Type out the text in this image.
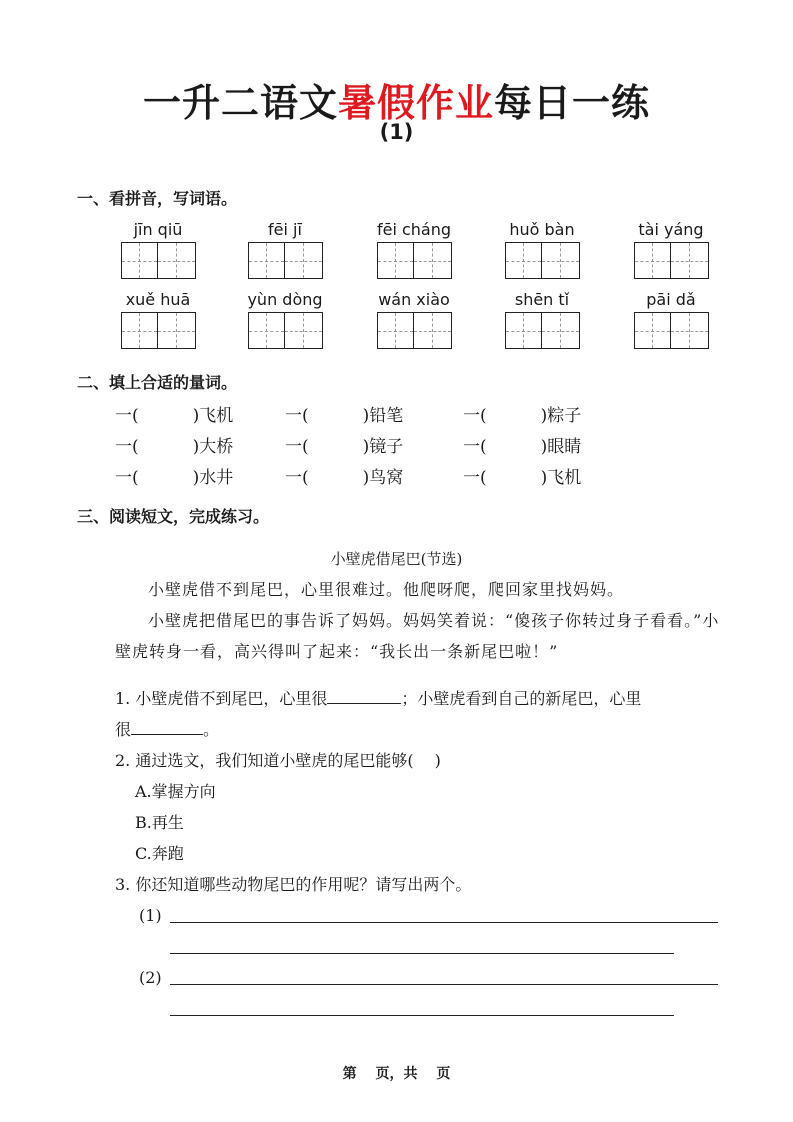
一升二语文暑假作业每日一练
(1)
一、看拼音，写词语。
jīn qiū	fēi jī	fēi cháng	huǒ bàn	tài yáng
xuě huā	yùn dòng	wán xiào	shēn tǐ	pāi dǎ
二、填上合适的量词。
一(	)飞机	一(	)铅笔	一(	)粽子
一(	)大桥	一(	)镜子	一(	)眼睛
一(	)水井	一(	)鸟窝	一(	)飞机
三、阅读短文，完成练习。
小壁虎借尾巴(节选)
小壁虎借不到尾巴，心里很难过。他爬呀爬，爬回家里找妈妈。
小壁虎把借尾巴的事告诉了妈妈。妈妈笑着说：“傻孩子你转过身子看看。”小壁虎转身一看，高兴得叫了起来：“我长出一条新尾巴啦！”
1. 小壁虎借不到尾巴，心里很	；小壁虎看到自己的新尾巴，心里
很	。
2. 通过选文，我们知道小壁虎的尾巴能够(　 )
A.掌握方向
B.再生
C.奔跑
3. 你还知道哪些动物尾巴的作用呢？请写出两个。
(1)
(2)
第　 页，共　 页
